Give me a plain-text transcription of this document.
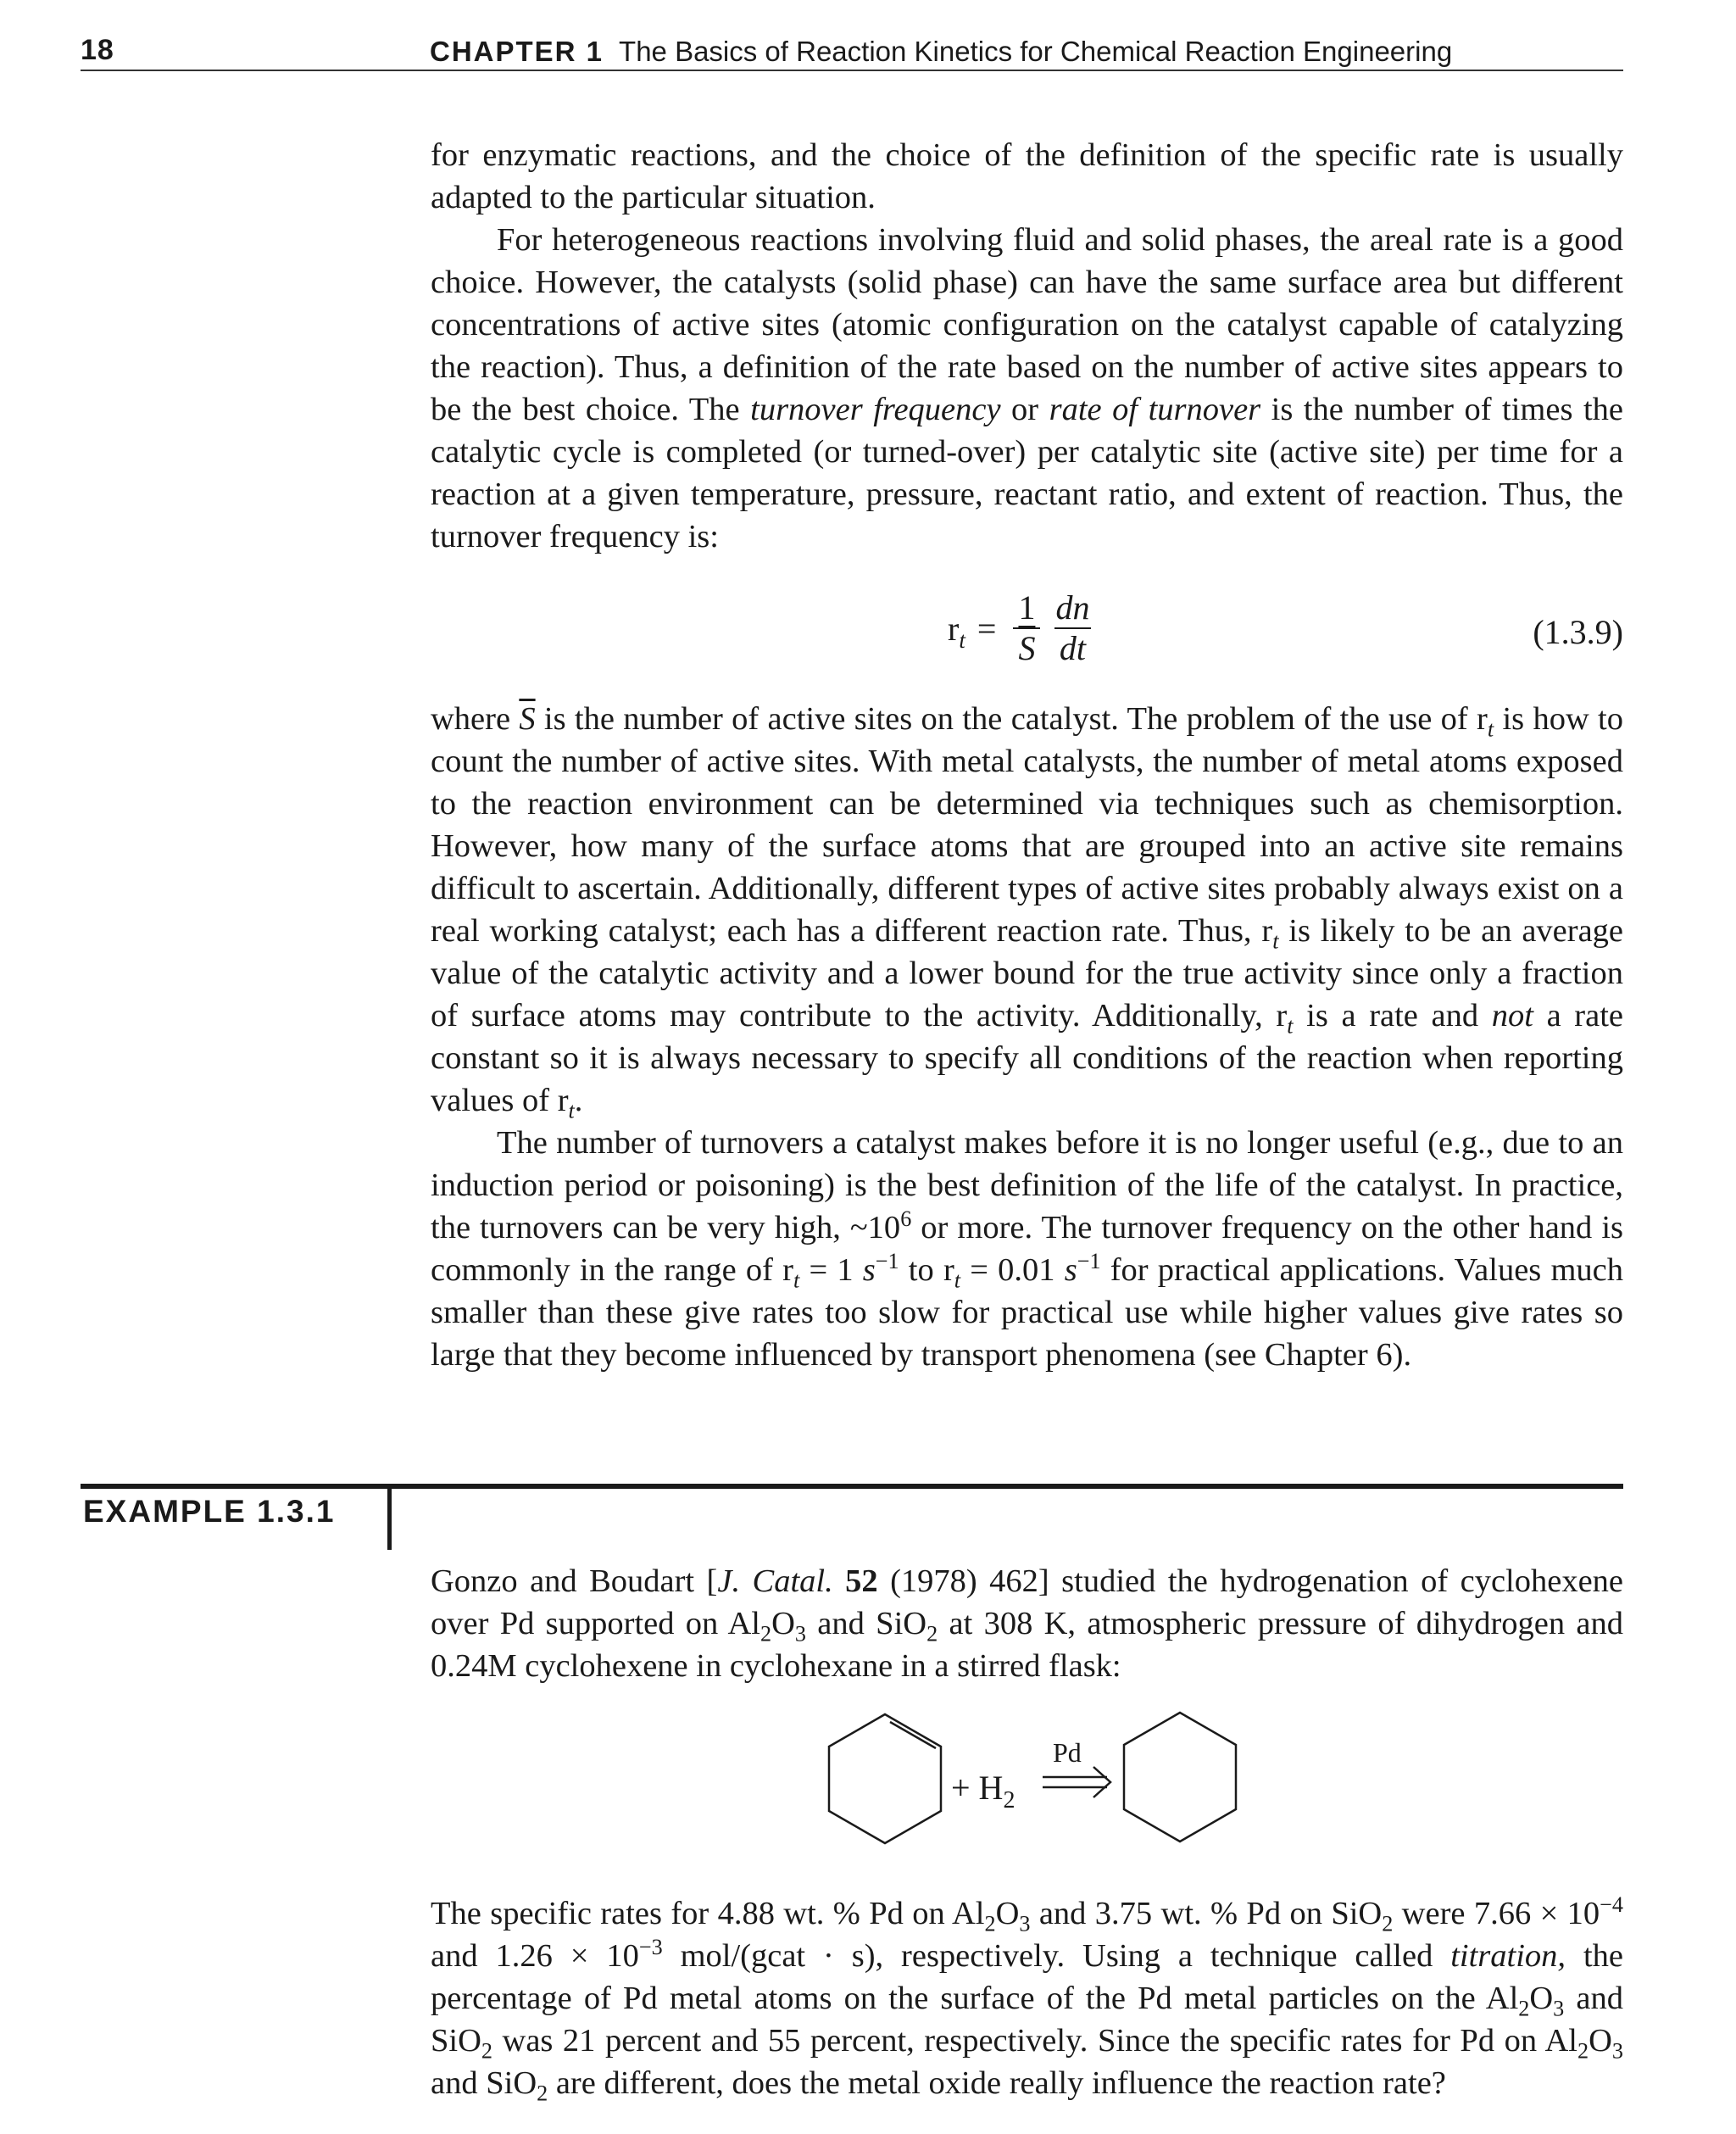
18	CHAPTER 1 The Basics of Reaction Kinetics for Chemical Reaction Engineering

for enzymatic reactions, and the choice of the definition of the specific rate is usually adapted to the particular situation.

For heterogeneous reactions involving fluid and solid phases, the areal rate is a good choice. However, the catalysts (solid phase) can have the same surface area but different concentrations of active sites (atomic configuration on the catalyst capable of catalyzing the reaction). Thus, a definition of the rate based on the number of active sites appears to be the best choice. The turnover frequency or rate of turnover is the number of times the catalytic cycle is completed (or turned-over) per catalytic site (active site) per time for a reaction at a given temperature, pressure, reactant ratio, and extent of reaction. Thus, the turnover frequency is:

$r_t = \frac{1}{S} \frac{dn}{dt}$	(1.3.9)

where $\overline{S}$ is the number of active sites on the catalyst. The problem of the use of $r_t$ is how to count the number of active sites. With metal catalysts, the number of metal atoms exposed to the reaction environment can be determined via techniques such as chemisorption. However, how many of the surface atoms that are grouped into an active site remains difficult to ascertain. Additionally, different types of active sites probably always exist on a real working catalyst; each has a different reaction rate. Thus, $r_t$ is likely to be an average value of the catalytic activity and a lower bound for the true activity since only a fraction of surface atoms may contribute to the activity. Additionally, $r_t$ is a rate and not a rate constant so it is always necessary to specify all conditions of the reaction when reporting values of $r_t$.

The number of turnovers a catalyst makes before it is no longer useful (e.g., due to an induction period or poisoning) is the best definition of the life of the catalyst. In practice, the turnovers can be very high, $\sim 10^6$ or more. The turnover frequency on the other hand is commonly in the range of $r_t = 1$ $s^{-1}$ to $r_t = 0.01$ $s^{-1}$ for practical applications. Values much smaller than these give rates too slow for practical use while higher values give rates so large that they become influenced by transport phenomena (see Chapter 6).

EXAMPLE 1.3.1

Gonzo and Boudart [J. Catal. 52 (1978) 462] studied the hydrogenation of cyclohexene over Pd supported on $Al_2O_3$ and SiO$_2$ at 308 K, atmospheric pressure of dihydrogen and 0.24M cyclohexene in cyclohexane in a stirred flask:

+ $H_2$
Pd

The specific rates for 4.88 wt. % Pd on $Al_2O_3$ and 3.75 wt. % Pd on SiO$_2$ were $7.66 \times 10^{-4}$ and $1.26 \times 10^{-3}$ mol/(gcat · s), respectively. Using a technique called titration, the percentage of Pd metal atoms on the surface of the Pd metal particles on the $Al_2O_3$ and SiO$_2$ was 21 percent and 55 percent, respectively. Since the specific rates for Pd on $Al_2O_3$ and SiO$_2$ are different, does the metal oxide really influence the reaction rate?
